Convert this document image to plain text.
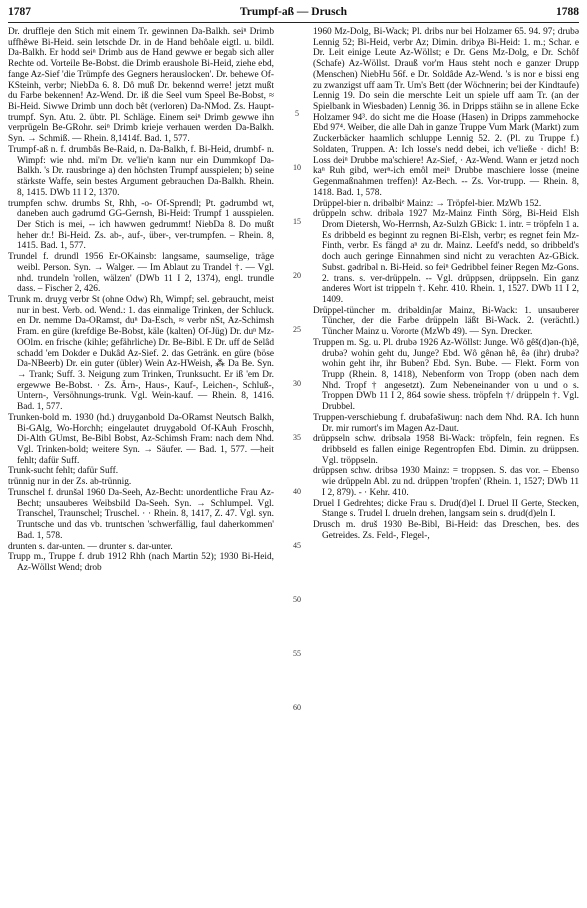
1787	Trumpf-aß — Drusch	1788
5
10
15
20
25
30
35
40
45
50
55
60

Dr. druffleje den Stich mit einem Tr. gewinnen Da-Balkh. seiⁿ Drimb uffhêwe Bi-Heid. sein letschde Dr. in de Hand behôale eigtl. u. bildl. Da-Balkh. Er hodd seiⁿ Drimb aus de Hand gewwe er begab sich aller Rechte od. Vorteile Be-Bobst. die Drimb erausholе Bi-Heid, ziehe ebd, fange Az-Sief 'die Trümpfe des Gegners herauslocken'. Dr. behewe Of-KSteinh, verbr; NiebDa 6. 8. Dô muß Dr. bekennd werre! jetzt mußt du Farbe bekennen! Az-Wend. Dr. iß die Seel vum Speel Be-Bobst, ≈ Bi-Heid. Siwwe Drimb unn doch bêt (verloren) Da-NMod. Zs. Haupt-trumpf. Syn. Atu. 2. übtr. Pl. Schläge. Einem seiⁿ Drimb gewwe ihn verprügeln Be-GRohr. seiⁿ Drimb krieјe verhauen werden Da-Balkh. Syn. → Schmiß. — Rhein. 8,1414f. Bad. 1, 577.

Trumpf-aß n. f. drumbâs Be-Raid, n. Da-Balkh, f. Bi-Heid, drumbf- n. Wimpf: wie nhd. mi'm Dr. ve'lie'n kann nur ein Dummkopf Da-Balkh. 's Dr. rausbringe a) den höchsten Trumpf ausspielen; b) seine stärkste Waffe, sein bestes Argument gebrauchen Da-Balkh. Rhein. 8, 1415. DWb 11 I 2, 1370.

trumpfen schw. drumbs St, Rhh, -o- Of-Sprendl; Pt. gədrumbd wt, daneben auch gədrumd GG-Gernsh, Bi-Heid: Trumpf 1 ausspielen. Der Stich is mei, -- ich hawwen gedrummt! NiebDa 8. Do mußt heher dr.! Bi-Heid. Zs. ab-, auf-, über-, ver-trumpfen. – Rhein. 8, 1415. Bad. 1, 577.

Trundel f. drundl 1956 Er-OKainsb: langsame, saumselige, träge weibl. Person. Syn. → Walger. — Im Ablaut zu Trandel †. — Vgl. nhd. trundeln 'rollen, wälzen' (DWb 11 I 2, 1374), engl. trundle dass. – Fischer 2, 426.

Trunk m. druyg verbr St (ohne Odw) Rh, Wimpf; sel. gebraucht, meist nur in best. Verb. od. Wend.: 1. das einmalige Trinken, der Schluck. en Dr. nemme Da-ORamst, duⁿ Da-Esch, ≈ verbr nSt, Az-Schimsh Fram. en güre (krefdige Be-Bobst, käle ⟨kalten⟩ Of-Jüg) Dr. duⁿ Mz-OOlm. en frische (kihle; gefährliche) Dr. Be-Bibl. E Dr. uff de Selâd schadd 'em Dokder e Dukâd Az-Sief. 2. das Getränk. en güre (böse Da-NBeerb) Dr. ein guter (übler) Wein Az-HWeish, ⁂ Da Be. Syn. → Trank; Suff. 3. Neigung zum Trinken, Trunksucht. Er iß 'em Dr. ergewwe Be-Bobst. · Zs. Ärn-, Haus-, Kauf-, Leichen-, Schluß-, Untern-, Versöhnungs-trunk. Vgl. Wein-kauf. — Rhein. 8, 1416. Bad. 1, 577.

Trunken-bold m. 1930 (hd.) druygənbold Da-ORamst Neutsch Balkh, Bi-GAlg, Wo-Horchh; eingelautet druygəbold Of-KAuh Froschh, Di-Alth GUmst, Be-Bibl Bobst, Az-Schimsh Fram: nach dem Nhd. Vgl. Trinken-bold; weitere Syn. → Säufer. — Bad. 1, 577. —heit fehlt; dafür Suff.

Trunk-sucht fehlt; dafür Suff.

trünnig nur in der Zs. ab-trünnig.

Trunschel f. drunšəl 1960 Da-Seeh, Az-Becht: unordentliche Frau Az-Becht; unsauberes Weibsbild Da-Seeh. Syn. → Schlumpel. Vgl. Transchel, Traunschel; Truschel. · · Rhein. 8, 1417, Z. 47. Vgl. syn. Truntsche und das vb. truntschen 'schwerfällig, faul daherkommen' Bad. 1, 578.

drunten s. dar-unten. — drunter s. dar-unter.

Trupp m., Truppe f. drub 1912 Rhh (nach Martin 52); 1930 Bi-Heid, Az-Wöllst Wend; drob

1960 Mz-Dolg, Bi-Wack; Pl. dribs nur bei Holzamer 65. 94. 97; drubə Lennig 52; Bi-Heid, verbr Az; Dimin. dribχə Bi-Heid: 1. m.; Schar. e Dr. Leit einige Leute Az-Wöllst; e Dr. Gens Mz-Dolg, e Dr. Schôf (Schafe) Az-Wöllst. Drauß vor'm Haus steht noch e ganzer Drupp (Menschen) NiebHu 56f. e Dr. Soldâde Az-Wend. 's is nor e bissi eng zu zwanzigst uff aam Tr. Um's Bett (der Wöchnerin; bei der Kindtaufe) Lennig 19. Do sein die merschte Leit un spiele uff aam Tr. (an der Spielbank in Wiesbaden) Lennig 36. in Dripps stäihn se in allene Ecke Holzamer 94³. do sicht me die Hoase (Hasen) in Dripps zammehocke Ebd 97⁴. Weiber, die alle Dah in ganze Truppe Vum Mark (Markt) zum Zuckerbäcker haamlich schluppe Lennig 52. 2. (Pl. zu Truppe f.) Soldaten, Truppen. A: Ich losse's nedd debei, ich ve'ließe · dich! B: Loss deiⁿ Drubbe ma'schiere! Az-Sief, · Az-Wend. Wann er jetzd noch kaⁿ Ruh gibd, werⁿ-ich emôl meiⁿ Drubbe maschiere losse (meine Gegenmaßnahmen treffen)! Az-Bech. -- Zs. Vor-trupp. — Rhein. 8, 1418. Bad. 1, 578.

Drüppel-bier n. dribəlbiᵉ Mainz: → Tröpfel-bier. MzWb 152.

drüppeln schw. dribələ 1927 Mz-Mainz Finth Sörg, Bi-Heid Elsh Drom Dietersh, Wo-Herrnsh, Az-Sulzh GBick: 1. intr. = tröpfeln 1 a. Es dribbeld es beginnt zu regnen Bi-Elsh, verbr; es regnet fein Mz-Finth, verbr. Es fängd aⁿ zu dr. Mainz. Leefd's nedd, so dribbeld's doch auch geringe Einnahmen sind nicht zu verachten Az-GBick. Subst. gədribəl n. Bi-Heid. so feiⁿ Gedribbel feiner Regen Mz-Gons. 2. trans. s. ver-drüppeln. -- Vgl. drüppsen, drüppseln. Ein ganz anderes Wort ist trippeln †. Kehr. 410. Rhein. 1, 1527. DWb 11 I 2, 1409.

Drüppel-tüncher m. dribəldinʃər Mainz, Bi-Wack: 1. unsauberer Tüncher, der die Farbe drüppeln läßt Bi-Wack. 2. (verächtl.) Tüncher Mainz u. Vororte (MzWb 49). — Syn. Drecker.

Truppen m. Sg. u. Pl. drubə 1926 Az-Wöllst: Junge. Wô gêš(d)ən-(h)ê, drubə? wohin geht du, Junge? Ebd. Wô gênən hê, êə (ihr) drubə? wohin geht ihr, ihr Buben? Ebd. Syn. Bube. — Flekt. Form von Trupp (Rhein. 8, 1418), Nebenform von Tropp (oben nach dem Nhd. Tropf † angesetzt). Zum Nebeneinander von u und o s. Troppen DWb 11 I 2, 864 sowie shess. tröpfeln †/ drüppeln †. Vgl. Drubbel.

Truppen-verschiebung f. drubəfəšiwuŋ: nach dem Nhd. RA. Ich hunn Dr. mir rumort's im Magen Az-Daut.

drüppseln schw. dribsələ 1958 Bi-Wack: tröpfeln, fein regnen. Es dribbseld es fallen einige Regentropfen Ebd. Dimin. zu drüppsen. Vgl. tröppseln.

drüppsen schw. dribsə 1930 Mainz: = troppsen. S. das vor. – Ebenso wie drüppeln Abl. zu nd. drüppen 'tropfen' (Rhein. 1, 1527; DWb 11 I 2, 879). - · Kehr. 410.

Druel I Gedrehtes; dicke Frau s. Drud(d)el I. Druel II Gerte, Stecken, Stange s. Trudel I. drueln drehen, langsam sein s. drud(d)eln I.

Drusch m. druš 1930 Be-Bibl, Bi-Heid: das Dreschen, bes. des Getreides. Zs. Feld-, Flegel-,
